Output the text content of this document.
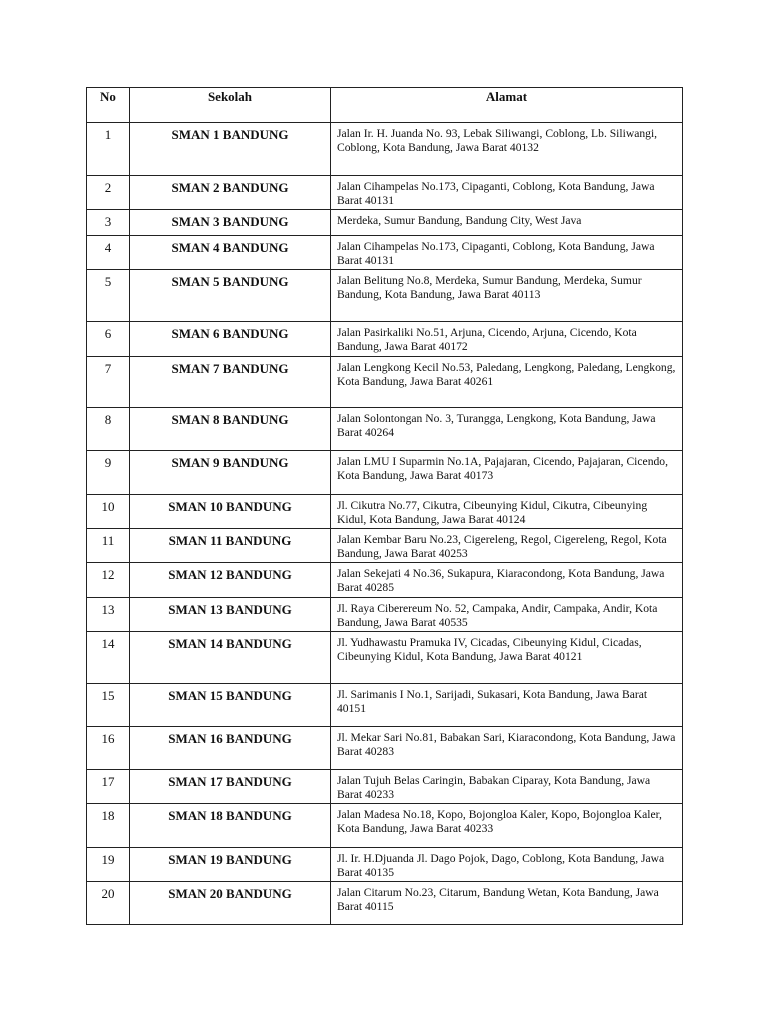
No	Sekolah	Alamat
1	SMAN 1 BANDUNG	Jalan Ir. H. Juanda No. 93, Lebak Siliwangi, Coblong, Lb. Siliwangi, Coblong, Kota Bandung, Jawa Barat 40132
2	SMAN 2 BANDUNG	Jalan Cihampelas No.173, Cipaganti, Coblong, Kota Bandung, Jawa Barat 40131
3	SMAN 3 BANDUNG	Merdeka, Sumur Bandung, Bandung City, West Java
4	SMAN 4 BANDUNG	Jalan Cihampelas No.173, Cipaganti, Coblong, Kota Bandung, Jawa Barat 40131
5	SMAN 5 BANDUNG	Jalan Belitung No.8, Merdeka, Sumur Bandung, Merdeka, Sumur Bandung, Kota Bandung, Jawa Barat 40113
6	SMAN 6 BANDUNG	Jalan Pasirkaliki No.51, Arjuna, Cicendo, Arjuna, Cicendo, Kota Bandung, Jawa Barat 40172
7	SMAN 7 BANDUNG	Jalan Lengkong Kecil No.53, Paledang, Lengkong, Paledang, Lengkong, Kota Bandung, Jawa Barat 40261
8	SMAN 8 BANDUNG	Jalan Solontongan No. 3, Turangga, Lengkong, Kota Bandung, Jawa Barat 40264
9	SMAN 9 BANDUNG	Jalan LMU I Suparmin No.1A, Pajajaran, Cicendo, Pajajaran, Cicendo, Kota Bandung, Jawa Barat 40173
10	SMAN 10 BANDUNG	Jl. Cikutra No.77, Cikutra, Cibeunying Kidul, Cikutra, Cibeunying Kidul, Kota Bandung, Jawa Barat 40124
11	SMAN 11 BANDUNG	Jalan Kembar Baru No.23, Cigereleng, Regol, Cigereleng, Regol, Kota Bandung, Jawa Barat 40253
12	SMAN 12 BANDUNG	Jalan Sekejati 4 No.36, Sukapura, Kiaracondong, Kota Bandung, Jawa Barat 40285
13	SMAN 13 BANDUNG	Jl. Raya Ciberereum No. 52, Campaka, Andir, Campaka, Andir, Kota Bandung, Jawa Barat 40535
14	SMAN 14 BANDUNG	Jl. Yudhawastu Pramuka IV, Cicadas, Cibeunying Kidul, Cicadas, Cibeunying Kidul, Kota Bandung, Jawa Barat 40121
15	SMAN 15 BANDUNG	Jl. Sarimanis I No.1, Sarijadi, Sukasari, Kota Bandung, Jawa Barat 40151
16	SMAN 16 BANDUNG	Jl. Mekar Sari No.81, Babakan Sari, Kiaracondong, Kota Bandung, Jawa Barat 40283
17	SMAN 17 BANDUNG	Jalan Tujuh Belas Caringin, Babakan Ciparay, Kota Bandung, Jawa Barat 40233
18	SMAN 18 BANDUNG	Jalan Madesa No.18, Kopo, Bojongloa Kaler, Kopo, Bojongloa Kaler, Kota Bandung, Jawa Barat 40233
19	SMAN 19 BANDUNG	Jl. Ir. H.Djuanda Jl. Dago Pojok, Dago, Coblong, Kota Bandung, Jawa Barat 40135
20	SMAN 20 BANDUNG	Jalan Citarum No.23, Citarum, Bandung Wetan, Kota Bandung, Jawa Barat 40115
